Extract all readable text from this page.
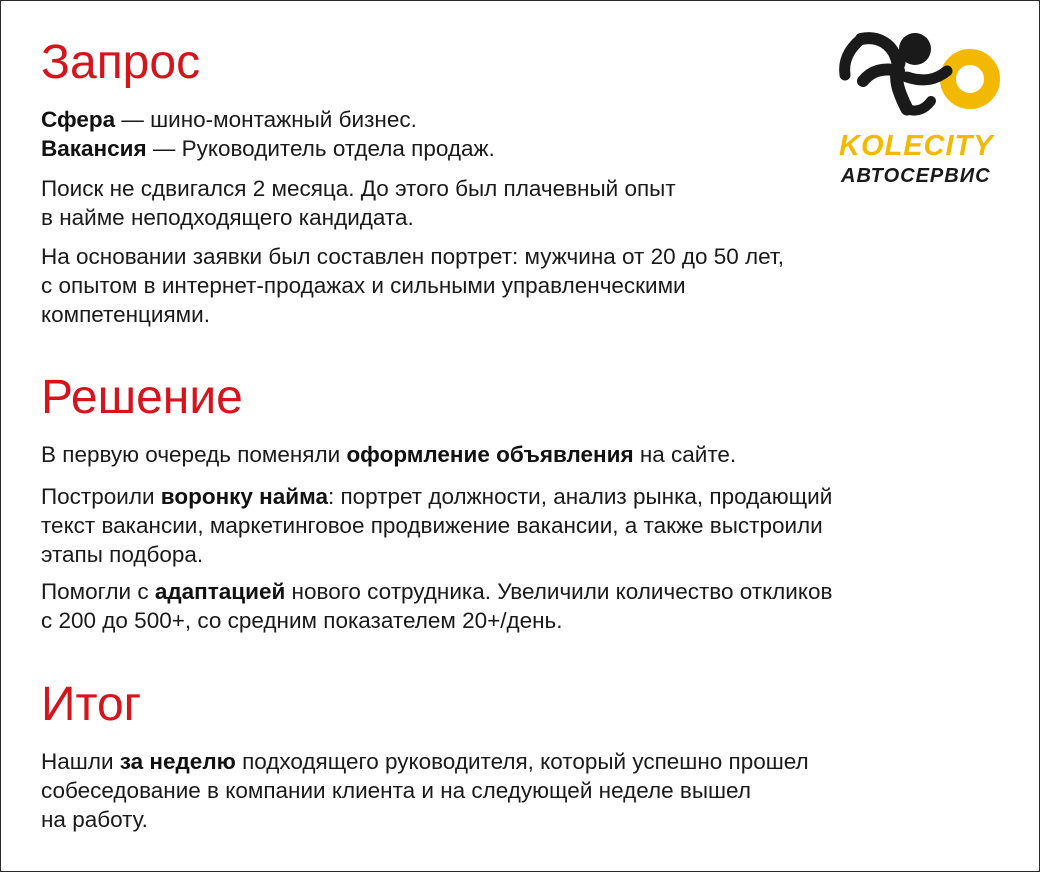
KOLECITY

АВТОСЕРВИС

Запрос

Сфера — шино-монтажный бизнес.
Вакансия — Руководитель отдела продаж.

Поиск не сдвигался 2 месяца. До этого был плачевный опыт
в найме неподходящего кандидата.

На основании заявки был составлен портрет: мужчина от 20 до 50 лет,
с опытом в интернет-продажах и сильными управленческими
компетенциями.

Решение

В первую очередь поменяли оформление объявления на сайте.

Построили воронку найма: портрет должности, анализ рынка, продающий
текст вакансии, маркетинговое продвижение вакансии, а также выстроили
этапы подбора.

Помогли с адаптацией нового сотрудника. Увеличили количество откликов
с 200 до 500+, со средним показателем 20+/день.

Итог

Нашли за неделю подходящего руководителя, который успешно прошел
собеседование в компании клиента и на следующей неделе вышел
на работу.
